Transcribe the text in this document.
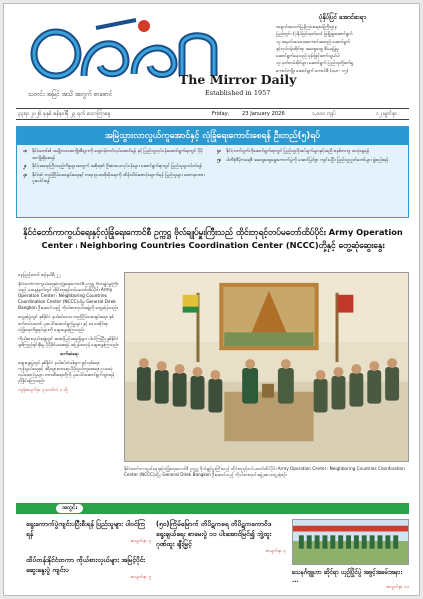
သတင်း အမြင် အသိ အတွက် စာစောင်
The Mirror Daily
Established in 1957
ပုံနှိပ်ပြင် အောင်ဆရာ
အချက်အလက်ပြန်ကြားရေးဝန်ကြီးဌာန
ပြည်တွင်း (ပုံနှိပ်ဖြင့်ထုတ်ဝေ) ဖြန့်ဖြူးဆောင်ရွက်
သူ အမှတ်အသားအကောင်အထည် ဆောင်ရွက်
နှင့်လုပ်ငန်းဆိုင်ရာ အထွေထွေ စီမံခန့်ခွဲမှု
ဆောင်ရွက်နေသည် ဖုန်းဖြင့်ဆက်သွယ်ပါ
သူ မှတ်တမ်းဖိုင်များ ဆောင်ရွက် ပြည်သူတို့ဖတ်ရှု
ကောင်းကျိုး ဆောင်ရွက် ကောင်စီ (ဗမာ- ၁၅)
၃၃ရာ ၂၀၂၆ ခုနှစ် ဇန်နဝါရီ ၂၃ ရက် သောကြာနေ့	Friday, 23 January 2026	၁,၀၀၀ ကျပ်	၁၂ မျက်နှာ
အမြဲသွားလာလွယ်ကူအောင်နှင့် လုံခြုံရေးကောင်းစေရန် ဦးတည်(၅)ရပ်
၁။ နိုင်ငံတော်၏ အမျိုးသားအကျိုးစီးပွားကို ရှေ့တန်းတင်လုပ်ဆောင်ရန် နှင့် ပြည်သူ့လုပ်ငန်းဆောင်ရွက်ရာတွင် ပိုမိုအကျိုးရှိစေရန်
၂။ နိုင်ငံ့အရေးကြီးသည့်ကိစ္စများအတွက် အစိုးရ၏ ဦးစားပေးလုပ်ငန်းများ ဆောင်ရွက်ရာတွင် ပြည်သူများပါဝင်ရန်
၃။ နိုင်ငံ၏ တည်ငြိမ်အေးချမ်းရေးနှင့် တရားဥပဒေစိုးမိုးရေးကို ထိန်းသိမ်းစောင့်ရှောက်ရန် ပြည်သူများ စေတနာထားပူးပေါင်းရန်
၄။ နိုင်ငံ့ဘက်ဂျက်ကိုဆောင်ရွက်ရာတွင် ပြည်သူ့လိုအပ်ချက်များနှင့်အညီ စနစ်တကျ အသုံးချရန်
၅။ ပါတီစုံဒီမိုကရေစီ အထွေထွေရွေးကောက်ပွဲကို အောင်မြင်စွာ ကျင်းပပြီး ပြည်သူ့လွှတ်တော်များ ဖွဲ့စည်းရန်
နိုင်ငံတော်ကာကွယ်ရေးနှင့်လုံခြုံရေးကောင်စီ ဥက္ကဋ္ဌ ဗိုလ်ချုပ်မှူးကြီးသည် ထိုင်းဘုရင့်တပ်မတော်ထိပ်ပိုင်း Army Operation Center ၊ Neighboring Countries Coordination Center (NCCC)တို့နှင့် တွေ့ဆုံဆွေးနွေး
နေပြည်တော် ဇန်နဝါရီ ၂၂

နိုင်ငံတော်ကာကွယ်ရေးနှင့်လုံခြုံရေးကောင်စီ ဥက္ကဋ္ဌ ဗိုလ်ချုပ်မှူးကြီးသည် ယနေ့နံနက်တွင် ထိုင်းဘုရင့်တပ်မတော်ထိပ်ပိုင်း Army Operation Center ၊ Neighboring Countries Coordination Center (NCCC)တို့မှ General Direk Bangkon ဦးဆောင်သည့် ကိုယ်စားလှယ်အဖွဲ့ကို တွေ့ဆုံခဲ့သည်။

တွေ့ဆုံပွဲတွင် နှစ်နိုင်ငံ နယ်စပ်ဒေသ တည်ငြိမ်အေးချမ်းရေး၊ နှစ်ဖက်တပ်မတော် ပူးပေါင်းဆောင်ရွက်မှုများ နှင့် ဒေသဆိုင်ရာ လုံခြုံရေးကိစ္စရပ်များကို ဆွေးနွေးခဲ့ကြသည်။

ကိုယ်စားလှယ်အဖွဲ့တွင် အဆင့်မြင့်အရာရှိများ ပါဝင်ကြပြီး နှစ်နိုင်ငံ ချစ်ကြည်ရင်းနှီးမှု ပိုမိုခိုင်မာစေရန် အပြန်အလှန် ဆွေးနွေးကြသည်။

ဆက်ဆံရေး

ဆွေးနွေးပွဲတွင် နှစ်နိုင်ငံ နယ်စပ်တံခါးများ ဖွင့်လှစ်ရေး၊ ကုန်သွယ်ရေးနှင့် ခရီးသွားလာရေး ပိုမိုလွယ်ကူစေရေး၊ ဥပဒေမဲ့ လုပ်ဆောင်မှုများ တားဆီးရေးတို့ကို ပူးပေါင်းဆောင်ရွက်သွားရန် ညှိနှိုင်းခဲ့ကြသည်။

ကျန်စာမျက်နှာ ၃ ကော်လံ ၁ သို့

နိုင်ငံတော်ကာကွယ်ရေးနှင့်လုံခြုံရေးကောင်စီ ဥက္ကဋ္ဌ ဗိုလ်ချုပ်မှူးကြီးသည် ထိုင်းဘုရင့်တပ်မတော်ထိပ်ပိုင်း Army Operation Center ၊ Neighboring Countries Coordination Center (NCCC)တို့မှ General Direk Bangkon ဦးဆောင်သည့် ကိုယ်စားလှယ်အဖွဲ့အား တွေ့ဆုံစဉ်။
အတွင်း
ရွေးကောက်ပွဲကျင်းပပြီးစီးရန် ပြည်သူများ ပါဝင်ကြရန်
စာမျက်နှာ ၃
ထိပ်တန်းနိုင်ငံတကာ ကိုယ်စားလှယ်များ အမြင့်ပိုင်းဆွေးနွေးပွဲ ကျင်းပ
စာမျက်နှာ ၅
(၅၀)ကြိမ်မြောက် တိပိဋကဓရ တိပိဋကကောဝိဒ ရွေးချယ်ရေး စာမေးပွဲ ၁၁ ပါးအောင်မြင်၍ ဘွဲ့ထူးဂုဏ်ထူး ချီးမြှင့်
စာမျက်နှာ ၄
သေနင်္ဂဗျူဟာ ဆိုင်ရာ ယှဉ်ပြိုင်ပွဲ အဖွင့်အခမ်းအနား ...
စာမျက်နှာ ၁၁
